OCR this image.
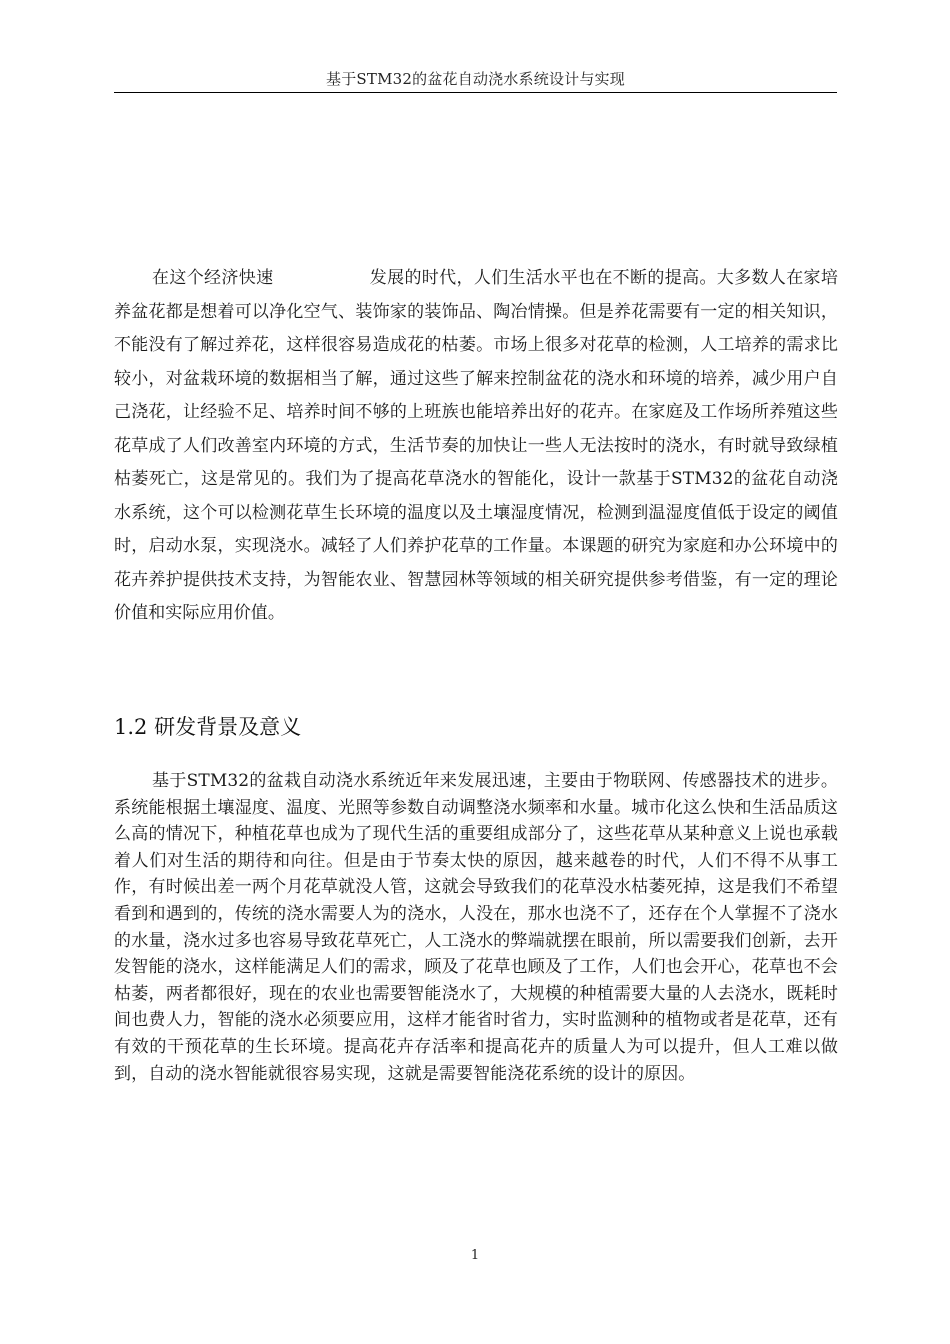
基于STM32的盆花自动浇水系统设计与实现

在这个经济快速	发展的时代，人们生活水平也在不断的提高。大多数人在家培养盆花都是想着可以净化空气、装饰家的装饰品、陶冶情操。但是养花需要有一定的相关知识，不能没有了解过养花，这样很容易造成花的枯萎。市场上很多对花草的检测，人工培养的需求比较小，对盆栽环境的数据相当了解，通过这些了解来控制盆花的浇水和环境的培养，减少用户自己浇花，让经验不足、培养时间不够的上班族也能培养出好的花卉。在家庭及工作场所养殖这些花草成了人们改善室内环境的方式，生活节奏的加快让一些人无法按时的浇水，有时就导致绿植枯萎死亡，这是常见的。我们为了提高花草浇水的智能化，设计一款基于STM32的盆花自动浇水系统，这个可以检测花草生长环境的温度以及土壤湿度情况，检测到温湿度值低于设定的阈值时，启动水泵，实现浇水。减轻了人们养护花草的工作量。本课题的研究为家庭和办公环境中的花卉养护提供技术支持，为智能农业、智慧园林等领域的相关研究提供参考借鉴，有一定的理论价值和实际应用价值。

1.2 研发背景及意义

基于STM32的盆栽自动浇水系统近年来发展迅速，主要由于物联网、传感器技术的进步。系统能根据土壤湿度、温度、光照等参数自动调整浇水频率和水量。城市化这么快和生活品质这么高的情况下，种植花草也成为了现代生活的重要组成部分了，这些花草从某种意义上说也承载着人们对生活的期待和向往。但是由于节奏太快的原因，越来越卷的时代，人们不得不从事工作，有时候出差一两个月花草就没人管，这就会导致我们的花草没水枯萎死掉，这是我们不希望看到和遇到的，传统的浇水需要人为的浇水，人没在，那水也浇不了，还存在个人掌握不了浇水的水量，浇水过多也容易导致花草死亡，人工浇水的弊端就摆在眼前，所以需要我们创新，去开发智能的浇水，这样能满足人们的需求，顾及了花草也顾及了工作，人们也会开心，花草也不会枯萎，两者都很好，现在的农业也需要智能浇水了，大规模的种植需要大量的人去浇水，既耗时间也费人力，智能的浇水必须要应用，这样才能省时省力，实时监测种的植物或者是花草，还有有效的干预花草的生长环境。提高花卉存活率和提高花卉的质量人为可以提升，但人工难以做到，自动的浇水智能就很容易实现，这就是需要智能浇花系统的设计的原因。

1
